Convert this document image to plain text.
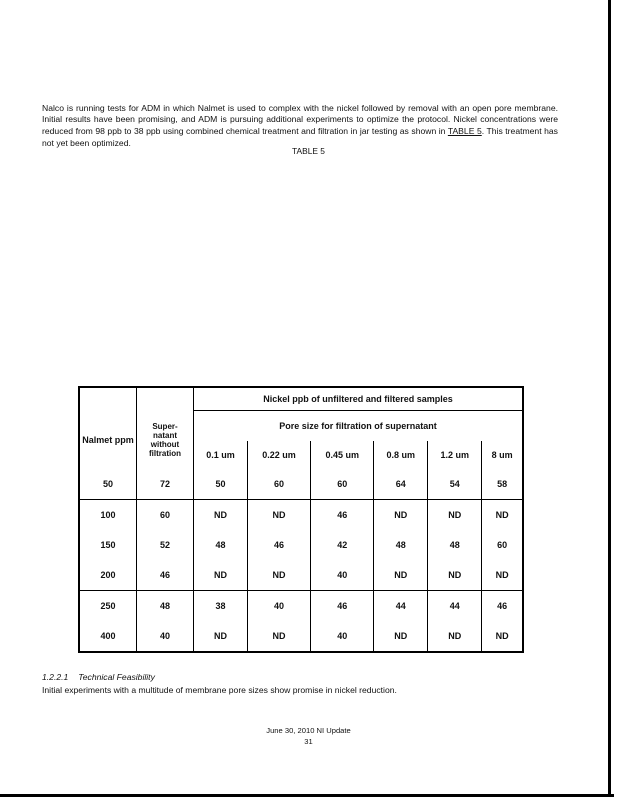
Nalco is running tests for ADM in which Nalmet is used to complex with the nickel followed by removal with an open pore membrane. Initial results have been promising, and ADM is pursuing additional experiments to optimize the protocol. Nickel concentrations were reduced from 98 ppb to 38 ppb using combined chemical treatment and filtration in jar testing as shown in TABLE 5. This treatment has not yet been optimized.

TABLE 5
		Nickel ppb of unfiltered and filtered samples					
Nalmet ppm	Super-natant without filtration	Pore size for filtration of supernatant					
		0.1 um	0.22 um	0.45 um	0.8 um	1.2 um	8 um
50	72	50	60	60	64	54	58
100	60	ND	ND	46	ND	ND	ND
150	52	48	46	42	48	48	60
200	46	ND	ND	40	ND	ND	ND
250	48	38	40	46	44	44	46
400	40	ND	ND	40	ND	ND	ND
1.2.2.1 Technical Feasibility
Initial experiments with a multitude of membrane pore sizes show promise in nickel reduction.
June 30, 2010 NI Update
31
